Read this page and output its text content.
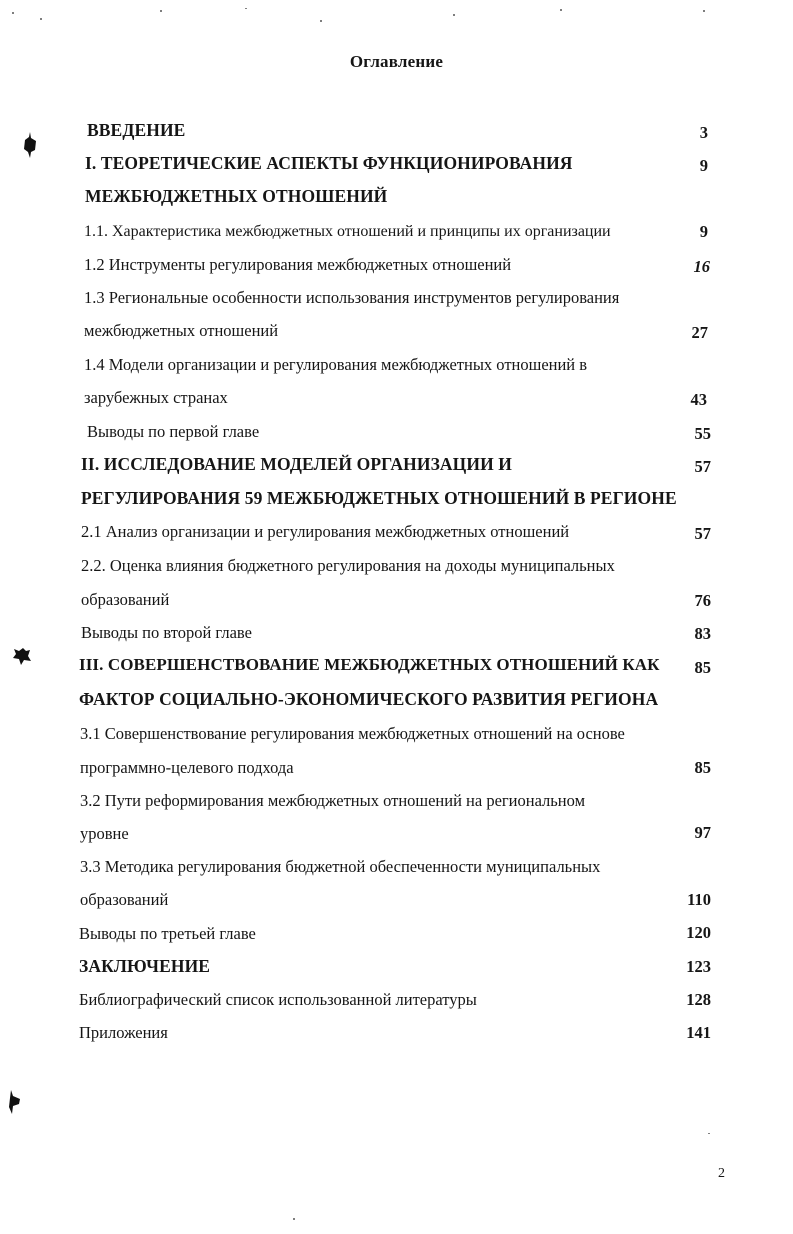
Оглавление
ВВЕДЕНИЕ	3
I. ТЕОРЕТИЧЕСКИЕ АСПЕКТЫ ФУНКЦИОНИРОВАНИЯ	9
МЕЖБЮДЖЕТНЫХ ОТНОШЕНИЙ
1.1. Характеристика межбюджетных отношений и принципы их организации	9
1.2 Инструменты регулирования межбюджетных отношений	16
1.3 Региональные особенности использования инструментов регулирования
межбюджетных отношений	27
1.4 Модели организации и регулирования межбюджетных отношений в
зарубежных странах	43
Выводы по первой главе	55
II. ИССЛЕДОВАНИЕ МОДЕЛЕЙ ОРГАНИЗАЦИИ И	57
РЕГУЛИРОВАНИЯ 59 МЕЖБЮДЖЕТНЫХ ОТНОШЕНИЙ В РЕГИОНЕ
2.1 Анализ организации и регулирования межбюджетных отношений	57
2.2. Оценка влияния бюджетного регулирования на доходы муниципальных
образований	76
Выводы по второй главе	83
III. СОВЕРШЕНСТВОВАНИЕ МЕЖБЮДЖЕТНЫХ ОТНОШЕНИЙ КАК	85
ФАКТОР СОЦИАЛЬНО-ЭКОНОМИЧЕСКОГО РАЗВИТИЯ РЕГИОНА
3.1 Совершенствование регулирования межбюджетных отношений на основе
программно-целевого подхода	85
3.2 Пути реформирования межбюджетных отношений на региональном
уровне	97
3.3 Методика регулирования бюджетной обеспеченности муниципальных
образований	110
Выводы по третьей главе	120
ЗАКЛЮЧЕНИЕ	123
Библиографический список использованной литературы	128
Приложения	141
2
